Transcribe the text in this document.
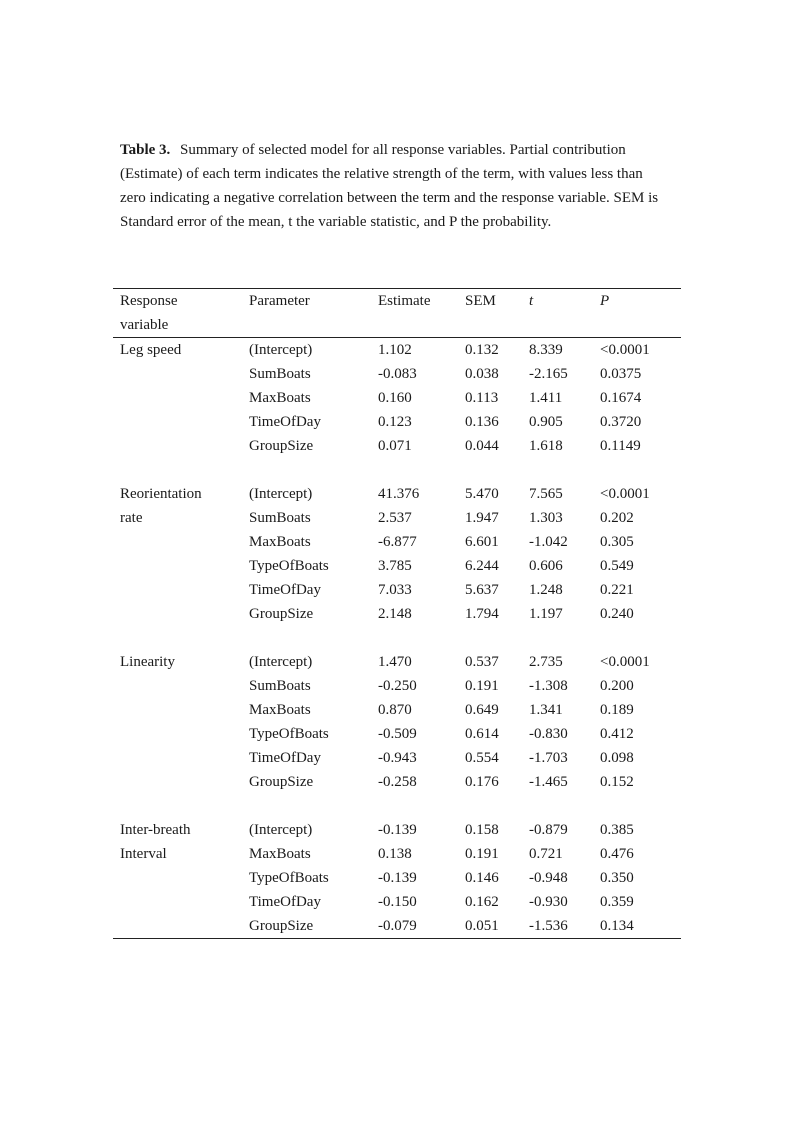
Table 3. Summary of selected model for all response variables. Partial contribution (Estimate) of each term indicates the relative strength of the term, with values less than zero indicating a negative correlation between the term and the response variable. SEM is Standard error of the mean, t the variable statistic, and P the probability.
Response
variable
Parameter	Estimate SEM t	P
Leg speed	(Intercept)	1.102	0.132 8.339 <0.0001
SumBoats	-0.083	0.038 -2.165 0.0375
MaxBoats	0.160	0.113 1.411	0.1674
TimeOfDay	0.123	0.136 0.905 0.3720
GroupSize	0.071	0.044 1.618 0.1149
Reorientation	(Intercept)	41.376	5.470 7.565 <0.0001
rate	SumBoats	2.537	1.947 1.303 0.202
MaxBoats	-6.877	6.601 -1.042 0.305
TypeOfBoats	3.785	6.244 0.606 0.549
TimeOfDay	7.033	5.637 1.248 0.221
GroupSize	2.148	1.794 1.197 0.240
Linearity	(Intercept)	1.470	0.537 2.735 <0.0001
SumBoats	-0.250	0.191 -1.308 0.200
MaxBoats	0.870	0.649 1.341 0.189
TypeOfBoats	-0.509	0.614 -0.830 0.412
TimeOfDay	-0.943	0.554 -1.703 0.098
GroupSize	-0.258	0.176 -1.465 0.152
Inter-breath	(Intercept)	-0.139	0.158 -0.879 0.385
Interval	MaxBoats	0.138	0.191 0.721 0.476
TypeOfBoats	-0.139	0.146 -0.948 0.350
TimeOfDay	-0.150	0.162 -0.930 0.359
GroupSize	-0.079	0.051 -1.536 0.134
